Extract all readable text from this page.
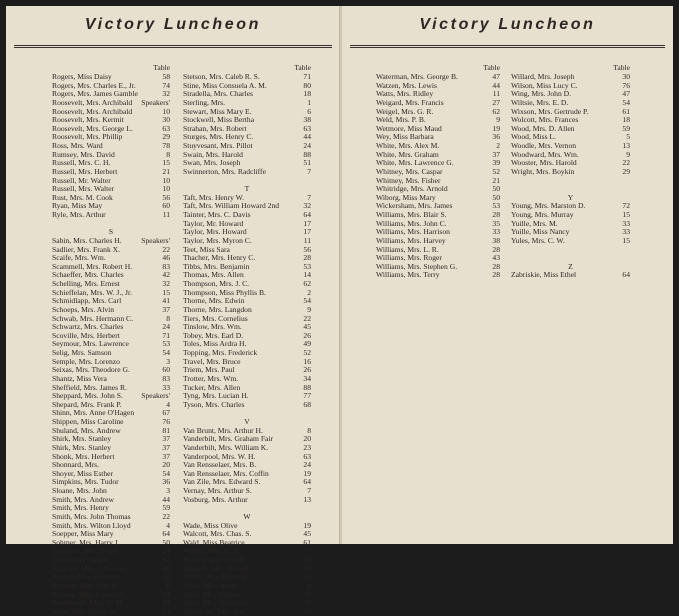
Victory Luncheon
Table
Rogers, Miss Daisy	58
Rogers, Mrs. Charles E., Jr.	74
Rogers, Mrs. James Gamble	32
Roosevelt, Mrs. Archibald Speakers'
Roosevelt, Mrs. Archibald	10
Roosevelt, Mrs. Kermit	30
Roosevelt, Mrs. George L.	63
Roosevelt, Mrs. Phillip	29
Ross, Mrs. Ward	78
Rumsey, Mrs. David	8
Russell, Mrs. C. H.	15
Russell, Mrs. Herbert	21
Russell, Mr. Walter	10
Russell, Mrs. Walter	10
Rust, Mrs. M. Cook	56
Ryan, Miss May	60
Ryle, Mrs. Arthur	11
S
Sabin, Mrs. Charles H.	Speakers'
Sadlier, Mrs. Frank X.	22
Scaife, Mrs. Wm.	46
Scammell, Mrs. Robert H.	83
Schaeffer, Mrs. Charles	42
Schelling, Mrs. Ernest	32
Schieffelan, Mrs. W. J., Jr.	15
Schmidlapp, Mrs. Carl	41
Schoeps, Mrs. Alvin	37
Schwab, Mrs. Hermann C.	8
Schwartz, Mrs. Charles	24
Scoville, Mrs. Herbert	71
Seymour, Mrs. Lawrence	53
Selig, Mrs. Samson	54
Semple, Mrs. Lorenzo	3
Seixas, Mrs. Theodore G.	60
Shantz, Miss Vera	83
Sheffield, Mrs. James R.	33
Sheppard, Mrs. John S. Speakers'
Shepard, Mrs. Frank P.	4
Shinn, Mrs. Anne O'Hagen	67
Shippen, Miss Caroline	76
Shuland, Mrs. Andrew	81
Shirk, Mrs. Stanley	37
Shirk, Mrs. Stanley	37
Shonk, Mrs. Herbert	37
Shonnard, Mrs.	20
Shoyer, Miss Esther	54
Simpkins, Mrs. Tudor	36
Sloane, Mrs. John	3
Smith, Mrs. Andrew	44
Smith, Mrs. Henry	59
Smith, Mrs. John Thomas	22
Smith, Mrs. Wilton Lloyd	4
Soepper, Miss Mary	64
Sohmer, Mrs. Harry J.	50
Solwedel, Mrs. Potter	24
Solen, Mrs. Monte	62
Sparrow, Mrs. J. Everett	40
Spence, Mrs. Kenneth	35
Spencer, Mrs. Seth S.	8
Stanton, Mrs. Frederick	69
Steenbergh, Mrs. W. H.	88
Stein, Mrs. Alexis W.	71
Table
Stetson, Mrs. Caleb R. S.	71
Stine, Miss Consuela A. M.	80
Stradella, Mrs. Charles	18
Sterling, Mrs.	1
Stewart, Miss Mary E.	6
Stockwell, Miss Bertha	38
Strahan, Mrs. Robert	63
Sturges, Mrs. Henry C.	44
Stuyvesant, Mrs. Pillot	24
Swain, Mrs. Harold	88
Swan, Mrs. Joseph	51
Swinnerton, Mrs. Radcliffe	7
T
Taft, Mrs. Henry W.	7
Taft, Mrs. William Howard 2nd	32
Tainter, Mrs. C. Davis	64
Taylor, Mr. Howard	17
Taylor, Mrs. Howard	17
Taylor, Mrs. Myron C.	11
Teet, Miss Sara	56
Thacher, Mrs. Henry C.	28
Tibbs, Mrs. Benjamin	53
Thomas, Mrs. Allen	14
Thompson, Mrs. J. C.	62
Thompson, Miss Phyllis B.	2
Thorne, Mrs. Edwin	54
Thorne, Mrs. Langdon	9
Tiers, Mrs. Cornelius	22
Tinslow, Mrs. Wm.	45
Tobey, Mrs. Earl D.	26
Toles, Miss Ardra H.	49
Topping, Mrs. Frederick	52
Travel, Mrs. Bruce	16
Triem, Mrs. Paul	26
Trotter, Mrs. Wm.	34
Tucker, Mrs. Allen	88
Tyng, Mrs. Lucian H.	77
Tyson, Mrs. Charles	68
V
Van Brunt, Mrs. Arthur H.	8
Vanderbilt, Mrs. Graham Fair	20
Vanderbilt, Mrs. William K.	23
Vanderpool, Mrs. W. H.	63
Van Rensselaer, Mrs. B.	24
Van Rensselaer, Mrs. Coffin	19
Van Zile, Mrs. Edward S.	64
Vernay, Mrs. Arthur S.	7
Vosburg, Mrs. Arthur	13
W
Wade, Miss Olive	19
Walcott, Mrs. Chas. S.	45
Wald, Miss Beatrice	61
Walker, Mrs. G. H.	76
Walker, Mrs. Joseph	12
Wallach, Mrs. Barger	69
Walter, Mrs. Elmer E.	26
Ward, Miss Anne	8
Ward, Mrs. Sidney	36
Ward, Mrs. Sylvanus	38
Washburn, Mrs. Ives	59
Victory Luncheon
Table
Waterman, Mrs. George B.	47
Watzen, Mrs. Lewis	44
Watts, Mrs. Ridley	11
Weigard, Mrs. Francis	27
Weigel, Mrs. G. R.	62
Weld, Mrs. P. B.	9
Wetmore, Miss Maud	19
Wey, Miss Barbara	36
White, Mrs. Alex M.	2
White, Mrs. Graham	37
White, Mrs. Lawrence G.	39
Whitney, Mrs. Caspar	52
Whitney, Mrs. Fisher	21
Whitridge, Mrs. Arnold	50
Wiborg, Miss Mary	50
Wickersham, Mrs. James	53
Williams, Mrs. Blair S.	28
Williams, Mrs. John C.	35
Williams, Mrs. Harrison	33
Williams, Mrs. Harvey	38
Williams, Mrs. L. R.	28
Williams, Mrs. Roger	43
Williams, Mrs. Stephen G.	28
Williams, Mrs. Terry	28
Table
Willard, Mrs. Joseph	30
Wilson, Miss Lucy C.	76
Wing, Mrs. John D.	47
Wiltsie, Mrs. E. D.	54
Wixson, Mrs. Gertrude P.	61
Wolcott, Mrs. Frances	18
Wood, Mrs. D. Allen	59
Wood, Miss L.	5
Woodle, Mrs. Vernon	13
Woodward, Mrs. Wm.	9
Wooster, Mrs. Harold	22
Wright, Mrs. Boykin	29
Y
Young, Mrs. Marston D.	72
Young, Mrs. Murray	15
Yuille, Mrs. M.	33
Yuille, Miss Nancy	33
Yules, Mrs. C. W.	15
Z
Zabriskie, Miss Ethel	64
